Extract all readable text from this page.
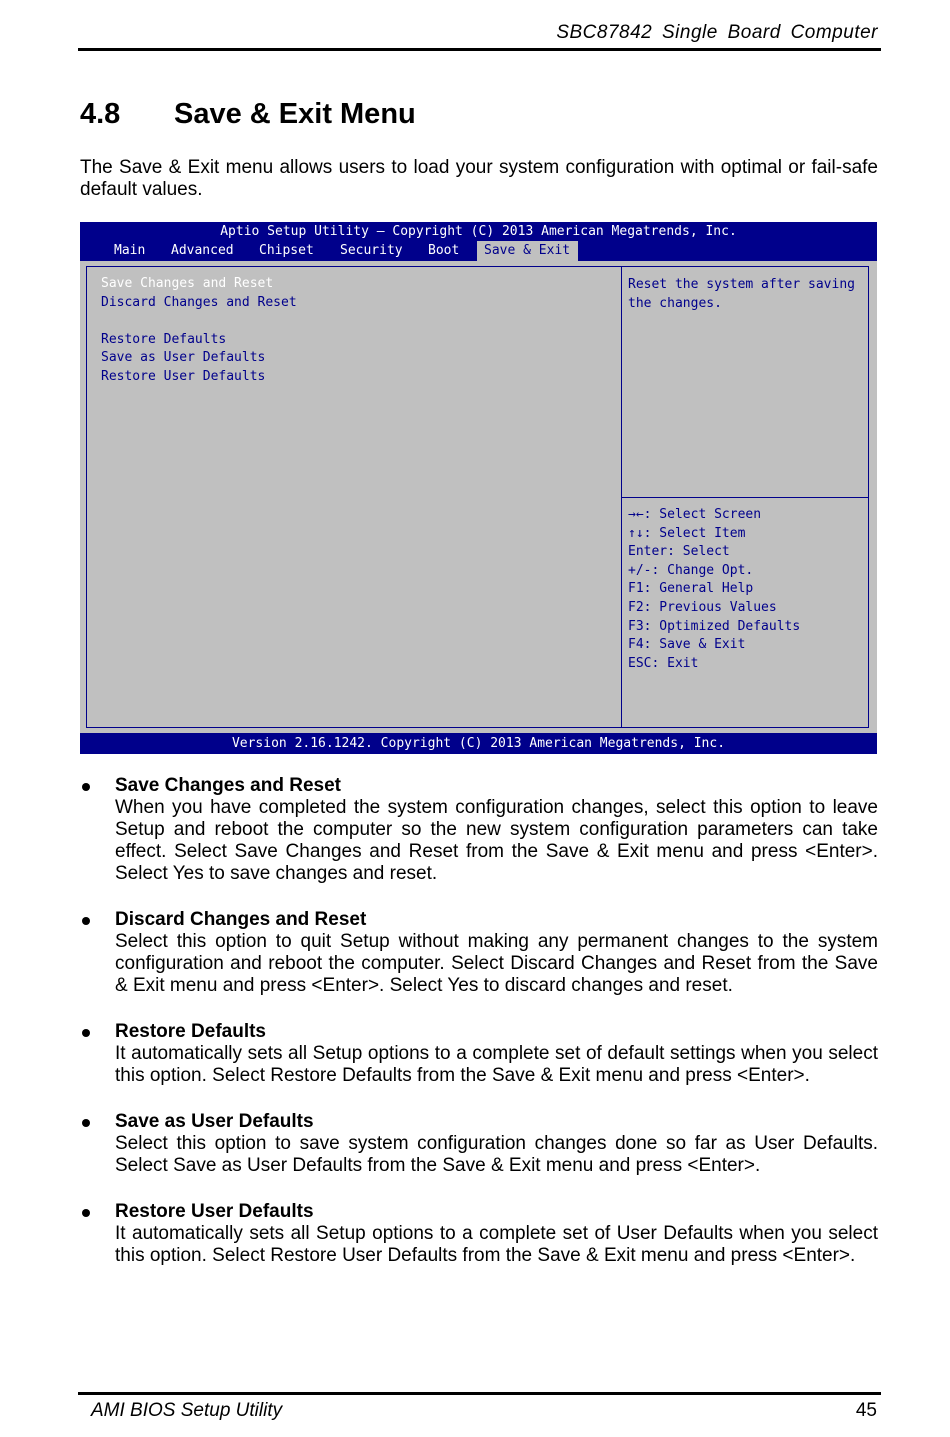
SBC87842 Single Board Computer
4.8 Save & Exit Menu
The Save & Exit menu allows users to load your system configuration with optimal or fail-safe default values.
Aptio Setup Utility – Copyright (C) 2013 American Megatrends, Inc.
Main	Advanced	Chipset	Security	Boot	Save & Exit
Save Changes and Reset
Discard Changes and Reset
Restore Defaults
Save as User Defaults
Restore User Defaults
Reset the system after saving
the changes.
→←: Select Screen
↑↓: Select Item
Enter: Select
+/-: Change Opt.
F1: General Help
F2: Previous Values
F3: Optimized Defaults
F4: Save & Exit
ESC: Exit
Version 2.16.1242. Copyright (C) 2013 American Megatrends, Inc.
Save Changes and Reset
When you have completed the system configuration changes, select this option to leave Setup and reboot the computer so the new system configuration parameters can take effect. Select Save Changes and Reset from the Save & Exit menu and press <Enter>. Select Yes to save changes and reset.
Discard Changes and Reset
Select this option to quit Setup without making any permanent changes to the system configuration and reboot the computer. Select Discard Changes and Reset from the Save & Exit menu and press <Enter>. Select Yes to discard changes and reset.
Restore Defaults
It automatically sets all Setup options to a complete set of default settings when you select this option. Select Restore Defaults from the Save & Exit menu and press <Enter>.
Save as User Defaults
Select this option to save system configuration changes done so far as User Defaults. Select Save as User Defaults from the Save & Exit menu and press <Enter>.
Restore User Defaults
It automatically sets all Setup options to a complete set of User Defaults when you select this option. Select Restore User Defaults from the Save & Exit menu and press <Enter>.
AMI BIOS Setup Utility	45
